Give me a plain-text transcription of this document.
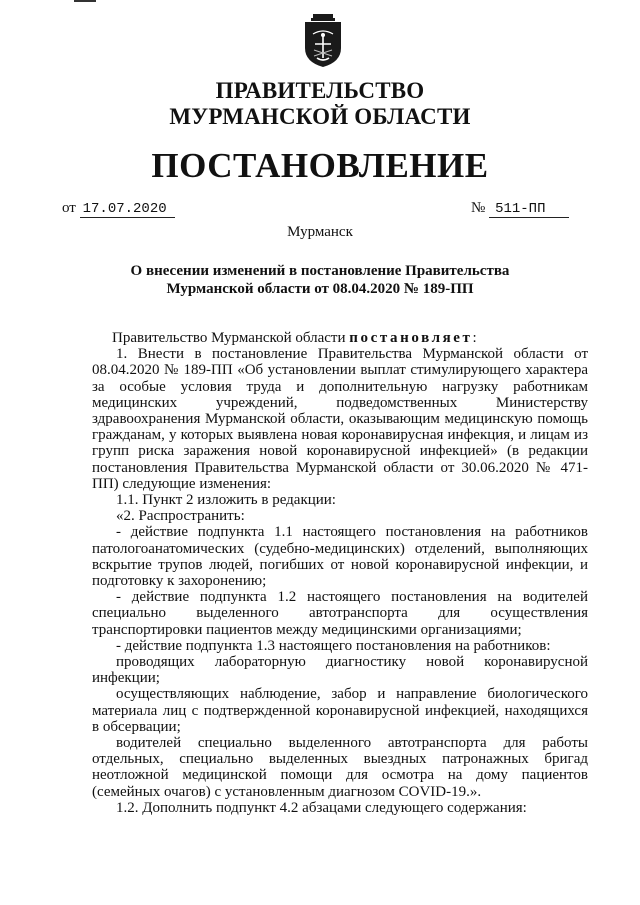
ПРАВИТЕЛЬСТВО
МУРМАНСКОЙ ОБЛАСТИ
ПОСТАНОВЛЕНИЕ
от 17.07.2020	№ 511-ПП
Мурманск
О внесении изменений в постановление Правительства
Мурманской области от 08.04.2020 № 189-ПП

Правительство Мурманской области постановляет:

1. Внести в постановление Правительства Мурманской области от 08.04.2020 № 189-ПП «Об установлении выплат стимулирующего характера за особые условия труда и дополнительную нагрузку работникам медицинских учреждений, подведомственных Министерству здравоохранения Мурманской области, оказывающим медицинскую помощь гражданам, у которых выявлена новая коронавирусная инфекция, и лицам из групп риска заражения новой коронавирусной инфекцией» (в редакции постановления Правительства Мурманской области от 30.06.2020 № 471-ПП) следующие изменения:

1.1. Пункт 2 изложить в редакции:

«2. Распространить:

- действие подпункта 1.1 настоящего постановления на работников патологоанатомических (судебно-медицинских) отделений, выполняющих вскрытие трупов людей, погибших от новой коронавирусной инфекции, и подготовку к захоронению;

- действие подпункта 1.2 настоящего постановления на водителей специально выделенного автотранспорта для осуществления транспортировки пациентов между медицинскими организациями;

- действие подпункта 1.3 настоящего постановления на работников:

проводящих лабораторную диагностику новой коронавирусной инфекции;

осуществляющих наблюдение, забор и направление биологического материала лиц с подтвержденной коронавирусной инфекцией, находящихся в обсервации;

водителей специально выделенного автотранспорта для работы отдельных, специально выделенных выездных патронажных бригад неотложной медицинской помощи для осмотра на дому пациентов (семейных очагов) с установленным диагнозом COVID-19.».

1.2. Дополнить подпункт 4.2 абзацами следующего содержания:
